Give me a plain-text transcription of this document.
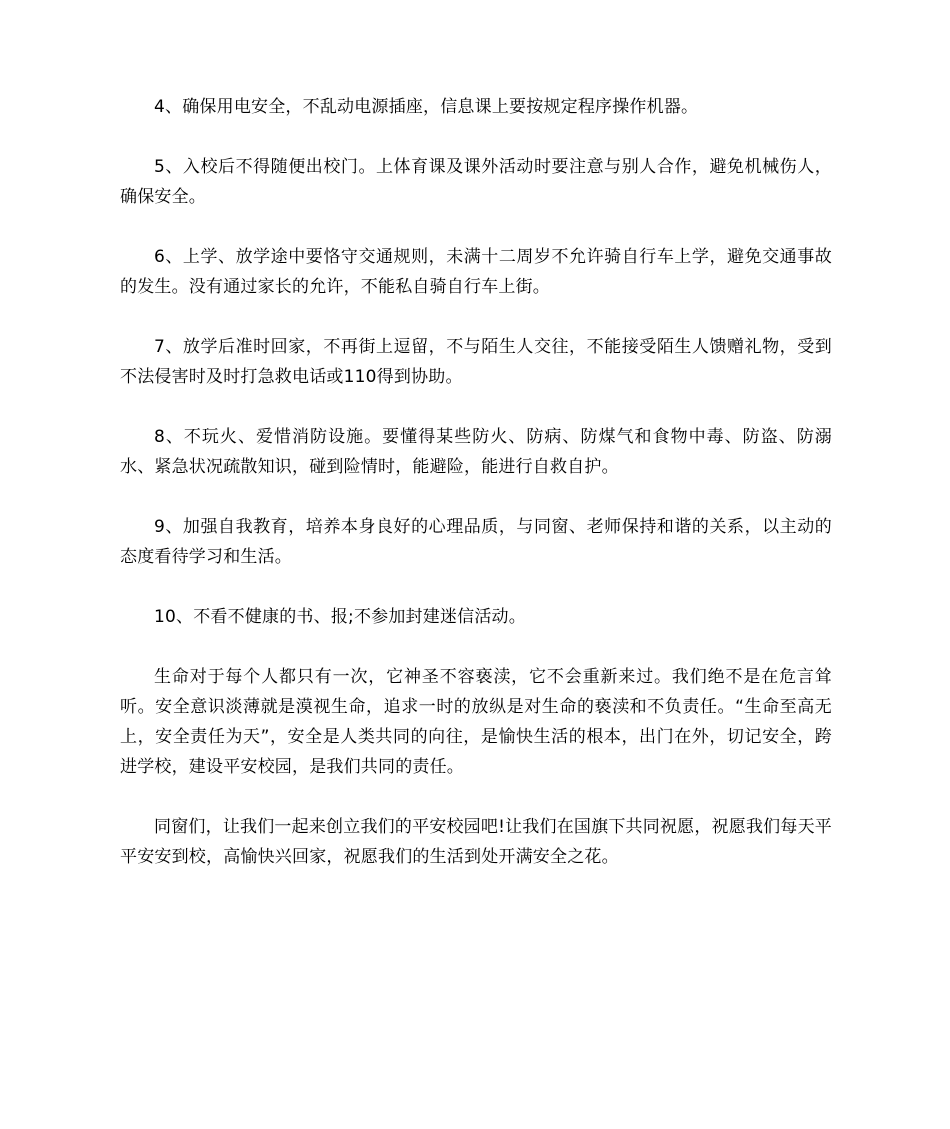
4、确保用电安全，不乱动电源插座，信息课上要按规定程序操作机器。

5、入校后不得随便出校门。上体育课及课外活动时要注意与别人合作，避免机械伤人，确保安全。

6、上学、放学途中要恪守交通规则，未满十二周岁不允许骑自行车上学，避免交通事故的发生。没有通过家长的允许，不能私自骑自行车上街。

7、放学后准时回家，不再街上逗留，不与陌生人交往，不能接受陌生人馈赠礼物，受到不法侵害时及时打急救电话或110得到协助。

8、不玩火、爱惜消防设施。要懂得某些防火、防病、防煤气和食物中毒、防盗、防溺水、紧急状况疏散知识，碰到险情时，能避险，能进行自救自护。

9、加强自我教育，培养本身良好的心理品质，与同窗、老师保持和谐的关系，以主动的态度看待学习和生活。

10、不看不健康的书、报;不参加封建迷信活动。

生命对于每个人都只有一次，它神圣不容亵渎，它不会重新来过。我们绝不是在危言耸听。安全意识淡薄就是漠视生命，追求一时的放纵是对生命的亵渎和不负责任。“生命至高无上，安全责任为天”，安全是人类共同的向往，是愉快生活的根本，出门在外，切记安全，跨进学校，建设平安校园，是我们共同的责任。

同窗们，让我们一起来创立我们的平安校园吧!让我们在国旗下共同祝愿，祝愿我们每天平平安安到校，高愉快兴回家，祝愿我们的生活到处开满安全之花。
